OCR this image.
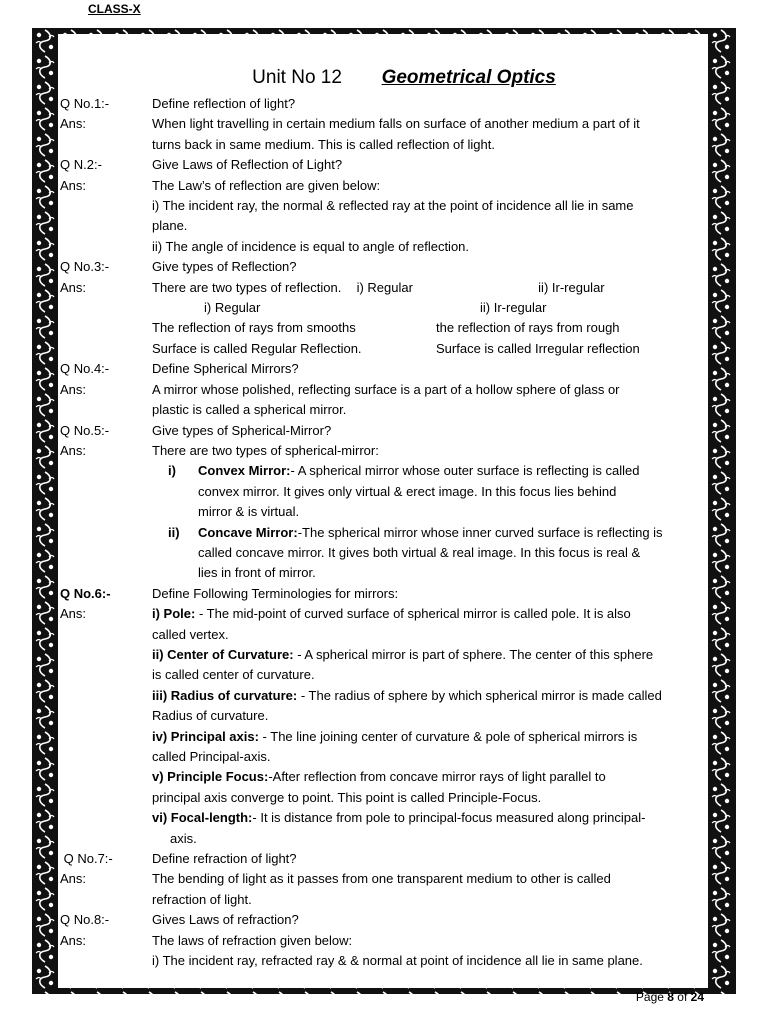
CLASS-X
Unit No 12 Geometrical Optics
Q No.1:-	Define reflection of light?
Ans:	When light travelling in certain medium falls on surface of another medium a part of it
turns back in same medium. This is called reflection of light.
Q N.2:-	Give Laws of Reflection of Light?
Ans:	The Law’s of reflection are given below:
i) The incident ray, the normal & reflected ray at the point of incidence all lie in same
plane.
ii) The angle of incidence is equal to angle of reflection.
Q No.3:-	Give types of Reflection?
Ans:	There are two types of reflection. i) Regular	ii) Ir-regular
i) Regular	ii) Ir-regular
The reflection of rays from smooths	the reflection of rays from rough
Surface is called Regular Reflection.	Surface is called Irregular reflection
Q No.4:-	Define Spherical Mirrors?
Ans:	A mirror whose polished, reflecting surface is a part of a hollow sphere of glass or
plastic is called a spherical mirror.
Q No.5:-	Give types of Spherical-Mirror?
Ans:	There are two types of spherical-mirror:
i)	Convex Mirror:- A spherical mirror whose outer surface is reflecting is called
convex mirror. It gives only virtual & erect image. In this focus lies behind
mirror & is virtual.
ii)	Concave Mirror:-The spherical mirror whose inner curved surface is reflecting is
called concave mirror. It gives both virtual & real image. In this focus is real &
lies in front of mirror.
Q No.6:-	Define Following Terminologies for mirrors:
Ans:	i) Pole: - The mid-point of curved surface of spherical mirror is called pole. It is also
called vertex.
ii) Center of Curvature: - A spherical mirror is part of sphere. The center of this sphere
is called center of curvature.
iii) Radius of curvature: - The radius of sphere by which spherical mirror is made called
Radius of curvature.
iv) Principal axis: - The line joining center of curvature & pole of spherical mirrors is
called Principal-axis.
v) Principle Focus:-After reflection from concave mirror rays of light parallel to
principal axis converge to point. This point is called Principle-Focus.
vi) Focal-length:- It is distance from pole to principal-focus measured along principal-
axis.
Q No.7:-	Define refraction of light?
Ans:	The bending of light as it passes from one transparent medium to other is called
refraction of light.
Q No.8:-	Gives Laws of refraction?
Ans:	The laws of refraction given below:
i) The incident ray, refracted ray & & normal at point of incidence all lie in same plane.
Page 8 of 24
